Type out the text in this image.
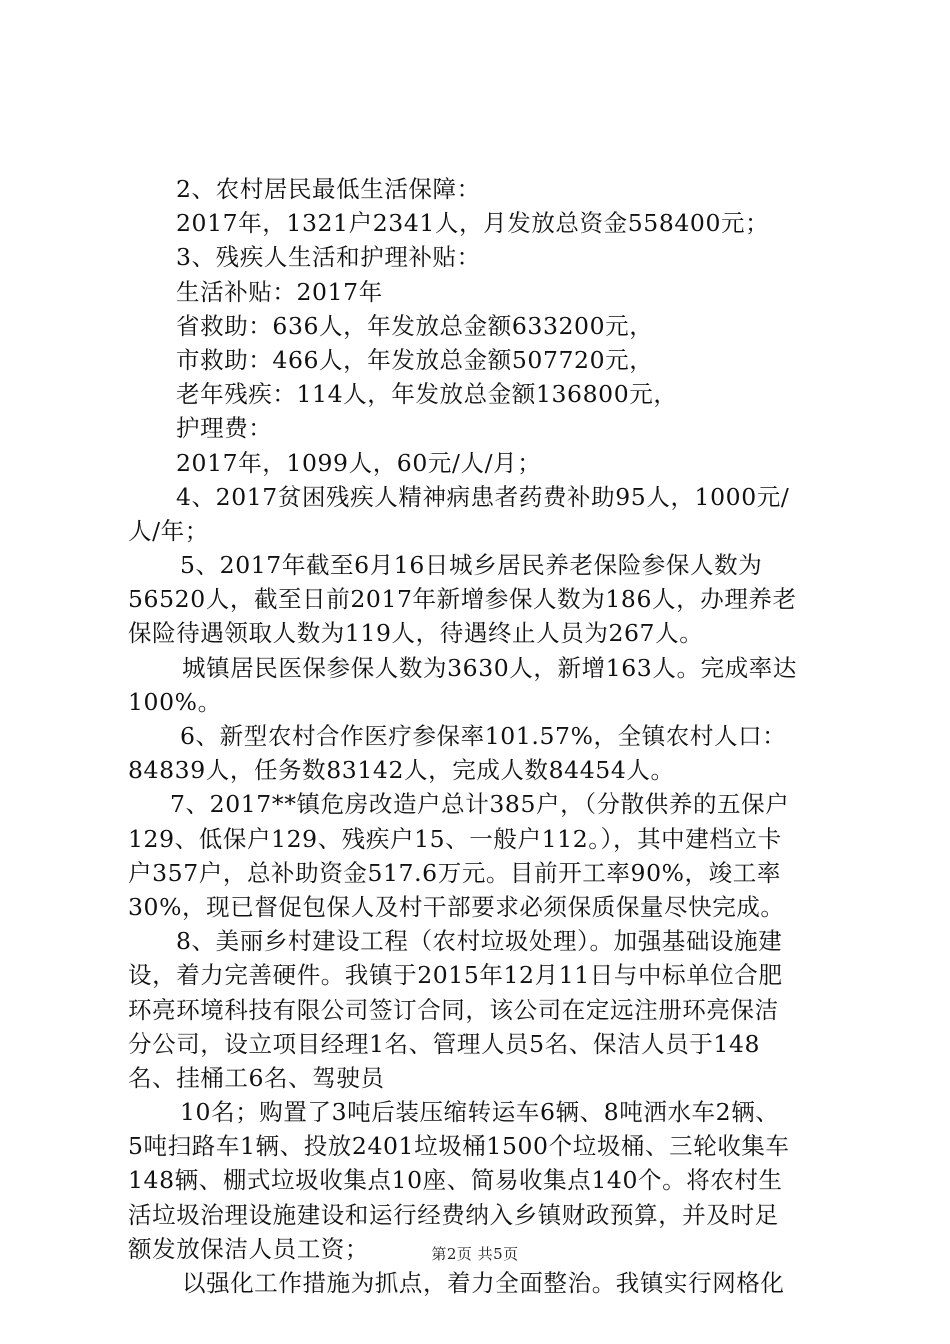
2、农村居民最低生活保障：
2017年，1321户2341人，月发放总资金558400元；
3、残疾人生活和护理补贴：
生活补贴：2017年
省救助：636人，年发放总金额633200元，
市救助：466人，年发放总金额507720元，
老年残疾：114人，年发放总金额136800元，
护理费：
2017年，1099人，60元/人/月；
4、2017贫困残疾人精神病患者药费补助95人，1000元/
人/年；
5、2017年截至6月16日城乡居民养老保险参保人数为
56520人，截至日前2017年新增参保人数为186人，办理养老
保险待遇领取人数为119人，待遇终止人员为267人。
城镇居民医保参保人数为3630人，新增163人。完成率达
100%。
6、新型农村合作医疗参保率101.57%，全镇农村人口：
84839人，任务数83142人，完成人数84454人。
7、2017**镇危房改造户总计385户，（分散供养的五保户
129、低保户129、残疾户15、一般户112。），其中建档立卡
户357户，总补助资金517.6万元。目前开工率90%，竣工率
30%，现已督促包保人及村干部要求必须保质保量尽快完成。
8、美丽乡村建设工程（农村垃圾处理）。加强基础设施建
设，着力完善硬件。我镇于2015年12月11日与中标单位合肥
环亮环境科技有限公司签订合同，该公司在定远注册环亮保洁
分公司，设立项目经理1名、管理人员5名、保洁人员于148
名、挂桶工6名、驾驶员
10名；购置了3吨后装压缩转运车6辆、8吨洒水车2辆、
5吨扫路车1辆、投放2401垃圾桶1500个垃圾桶、三轮收集车
148辆、棚式垃圾收集点10座、简易收集点140个。将农村生
活垃圾治理设施建设和运行经费纳入乡镇财政预算，并及时足
额发放保洁人员工资；
以强化工作措施为抓点，着力全面整治。我镇实行网格化
第2页 共5页
